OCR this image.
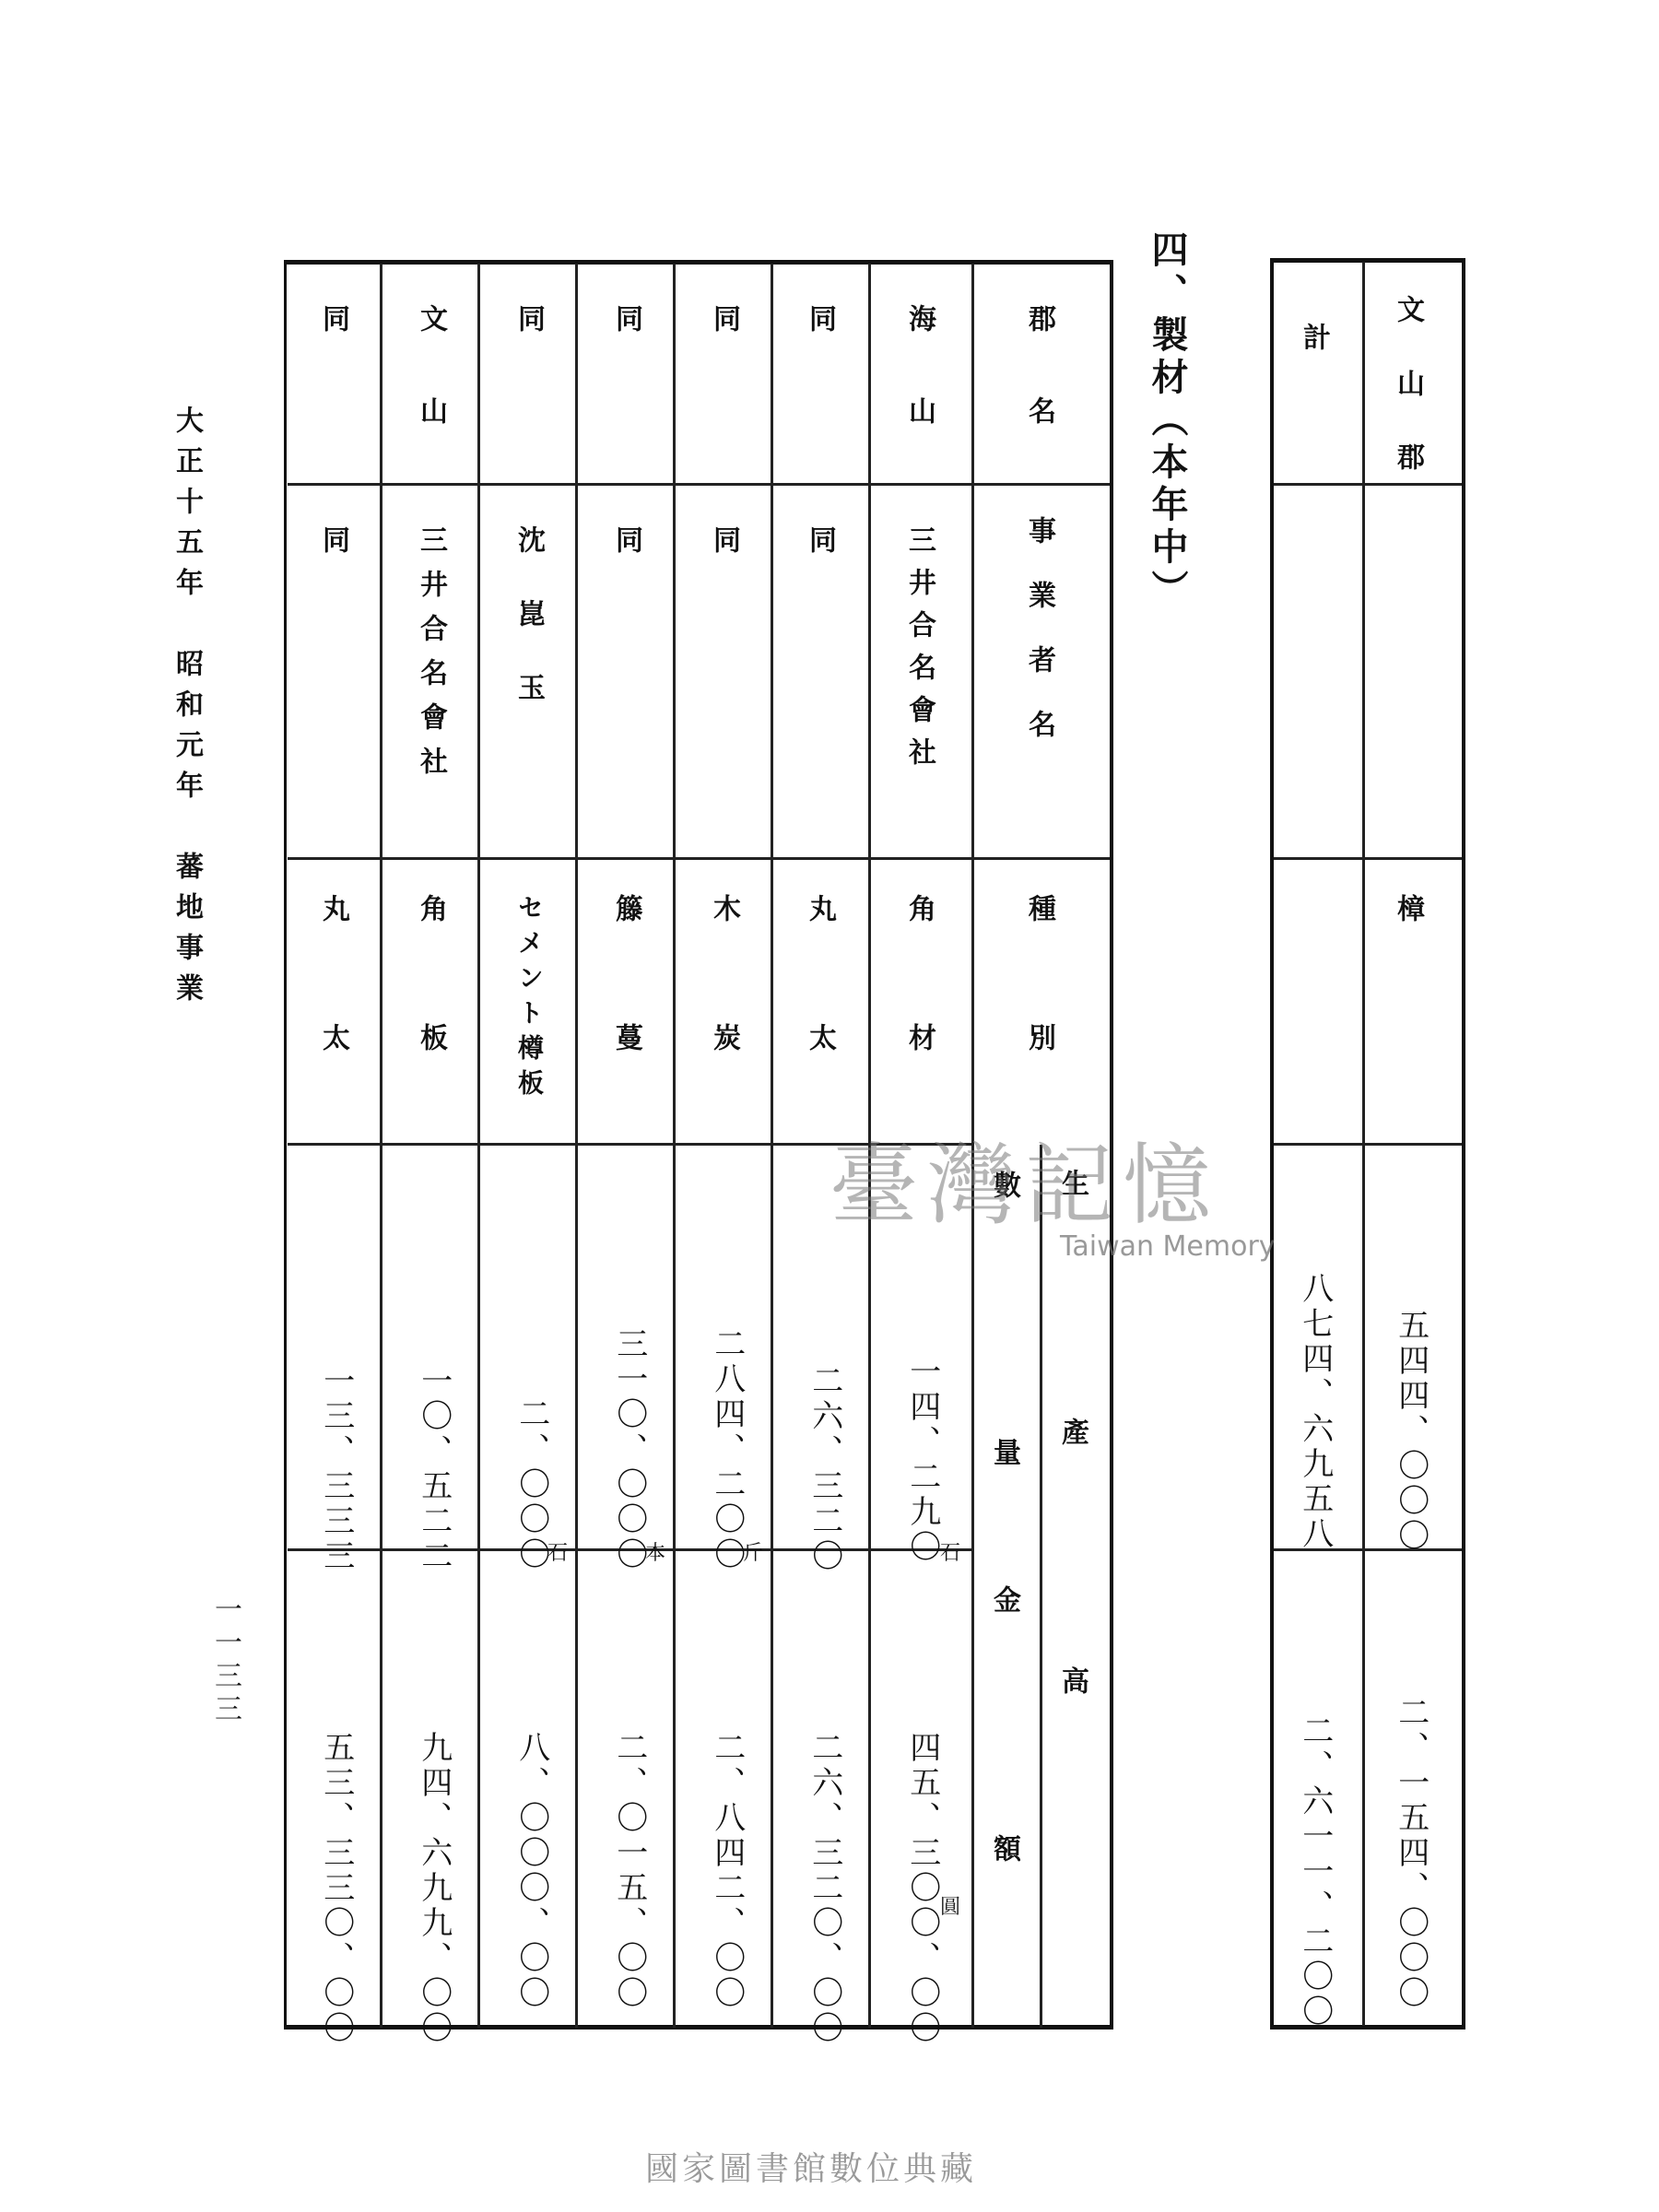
大正十五年　昭和元年　蕃地事業
一一三三
四、製材（本年中）
郡名
事業者名
種別
生產高
數量
金額
海山
三井合名會社
角材
一四、二九〇 石
四五、三〇〇、〇〇 圓
同
同
丸太
二六、三二〇
二六、三二〇、〇〇
同
同
木炭
二八四、二〇〇
斤
二、八四二、〇〇
同
同
籐蔓
三一〇、〇〇〇
本
二、〇一五、〇〇
同
沈崑玉
セメント樽板
二、〇〇〇
石
八、〇〇〇、〇〇
文山
三井合名會社
角板
一〇、五二二
九四、六九九、〇〇
同
同
丸太
一三、三三三
五三、三三〇、〇〇
文山郡
樟
五四四、〇〇〇
二、一五四、〇〇〇
計
八七四、六九五八
二、六一一、二〇〇
臺灣記憶
Taiwan Memory
國家圖書館數位典藏
